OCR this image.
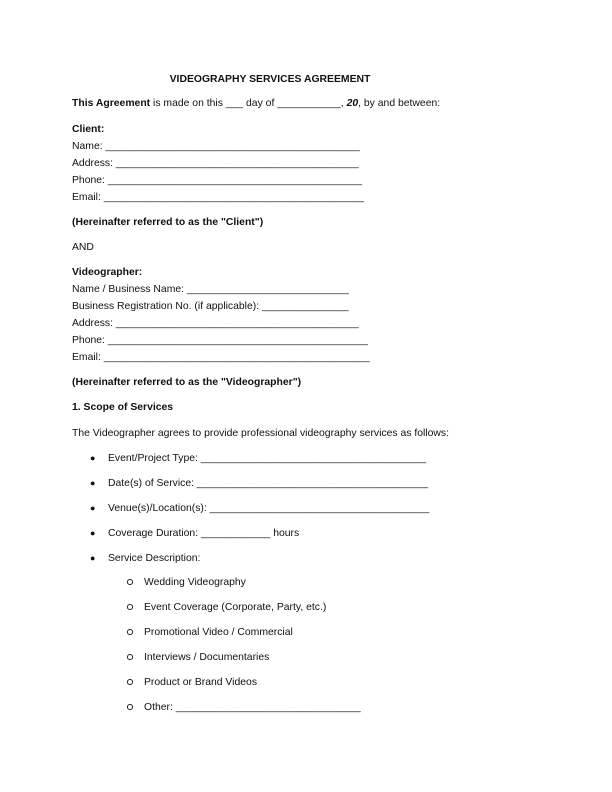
VIDEOGRAPHY SERVICES AGREEMENT
This Agreement is made on this ___ day of ___________, 20, by and between:
Client:
Name: ____________________________________________
Address: __________________________________________
Phone: ____________________________________________
Email: _____________________________________________
(Hereinafter referred to as the "Client")
AND
Videographer:
Name / Business Name: ____________________________
Business Registration No. (if applicable): _______________
Address: __________________________________________
Phone: _____________________________________________
Email: ______________________________________________
(Hereinafter referred to as the "Videographer")
1. Scope of Services
The Videographer agrees to provide professional videography services as follows:
● Event/Project Type: _______________________________________
● Date(s) of Service: ________________________________________
● Venue(s)/Location(s): ______________________________________
● Coverage Duration: ____________ hours
● Service Description:
Wedding Videography
Event Coverage (Corporate, Party, etc.)
Promotional Video / Commercial
Interviews / Documentaries
Product or Brand Videos
Other: ________________________________
